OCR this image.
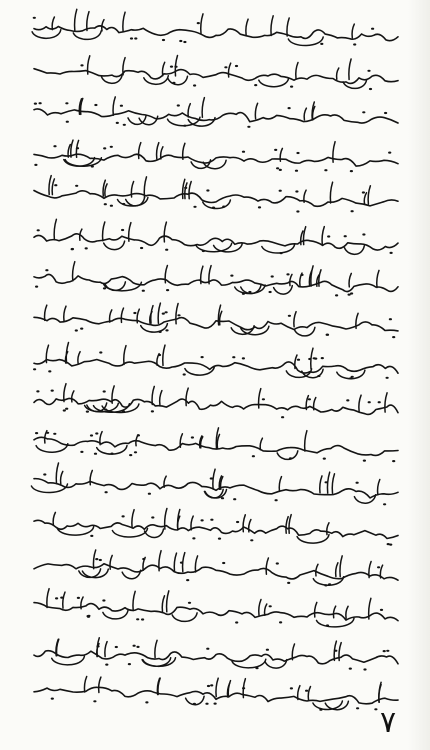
۷
